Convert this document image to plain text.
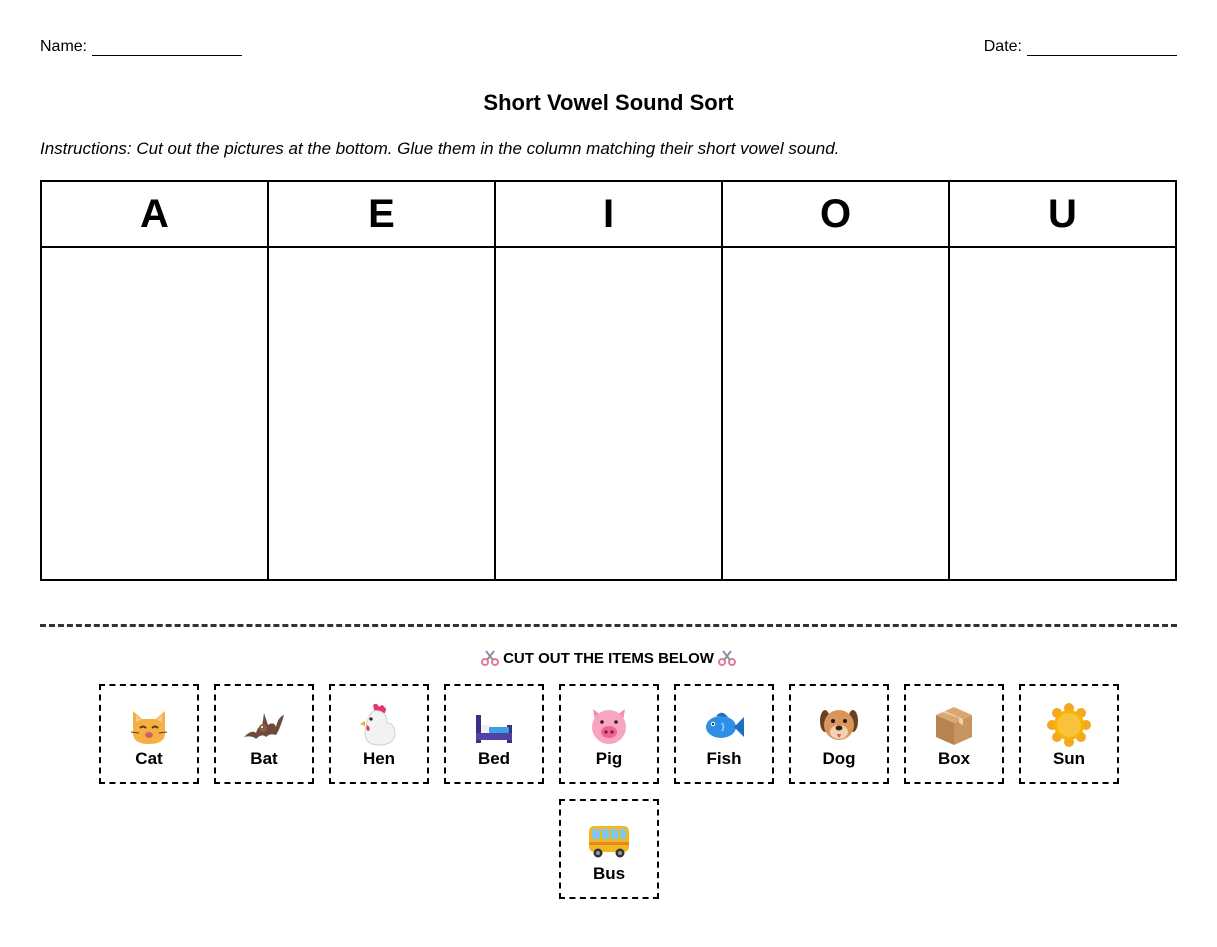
Name:	Date:
Short Vowel Sound Sort
Instructions: Cut out the pictures at the bottom. Glue them in the column matching their short vowel sound.
A	E	I	O	U

CUT OUT THE ITEMS BELOW
Cat	Bat	Hen	Bed	Pig	Fish	Dog	Box	Sun
Bus
